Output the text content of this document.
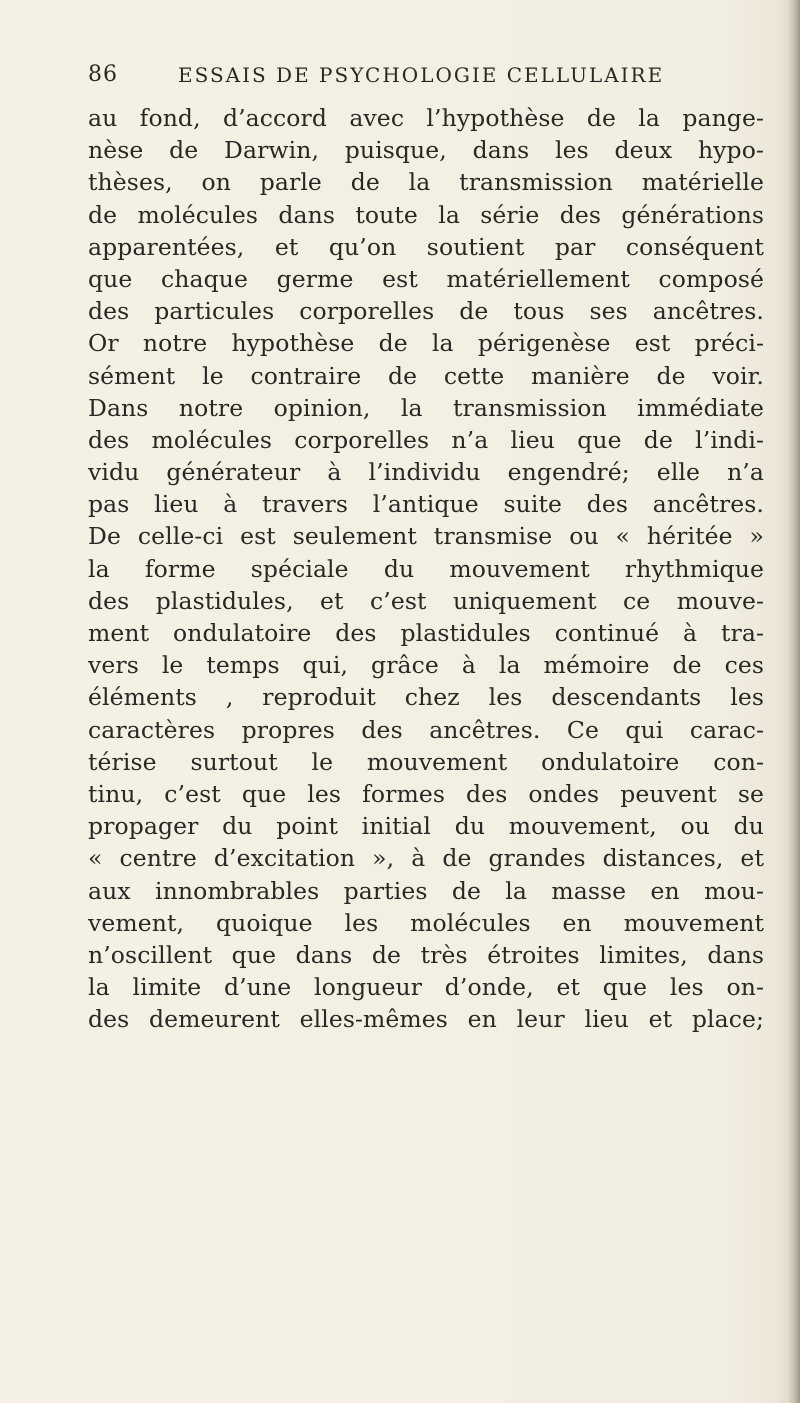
86	ESSAIS DE PSYCHOLOGIE CELLULAIRE
au fond, d’accord avec l’hypothèse de la pange-
nèse de Darwin, puisque, dans les deux hypo-
thèses, on parle de la transmission matérielle
de molécules dans toute la série des générations
apparentées, et qu’on soutient par conséquent
que chaque germe est matériellement composé
des particules corporelles de tous ses ancêtres.
Or notre hypothèse de la périgenèse est préci-
sément le contraire de cette manière de voir.
Dans notre opinion, la transmission immédiate
des molécules corporelles n’a lieu que de l’indi-
vidu générateur à l’individu engendré; elle n’a
pas lieu à travers l’antique suite des ancêtres.
De celle-ci est seulement transmise ou « héritée »
la forme spéciale du mouvement rhythmique
des plastidules, et c’est uniquement ce mouve-
ment ondulatoire des plastidules continué à tra-
vers le temps qui, grâce à la mémoire de ces
éléments , reproduit chez les descendants les
caractères propres des ancêtres. Ce qui carac-
térise surtout le mouvement ondulatoire con-
tinu, c’est que les formes des ondes peuvent se
propager du point initial du mouvement, ou du
« centre d’excitation », à de grandes distances, et
aux innombrables parties de la masse en mou-
vement, quoique les molécules en mouvement
n’oscillent que dans de très étroites limites, dans
la limite d’une longueur d’onde, et que les on-
des demeurent elles-mêmes en leur lieu et place;
